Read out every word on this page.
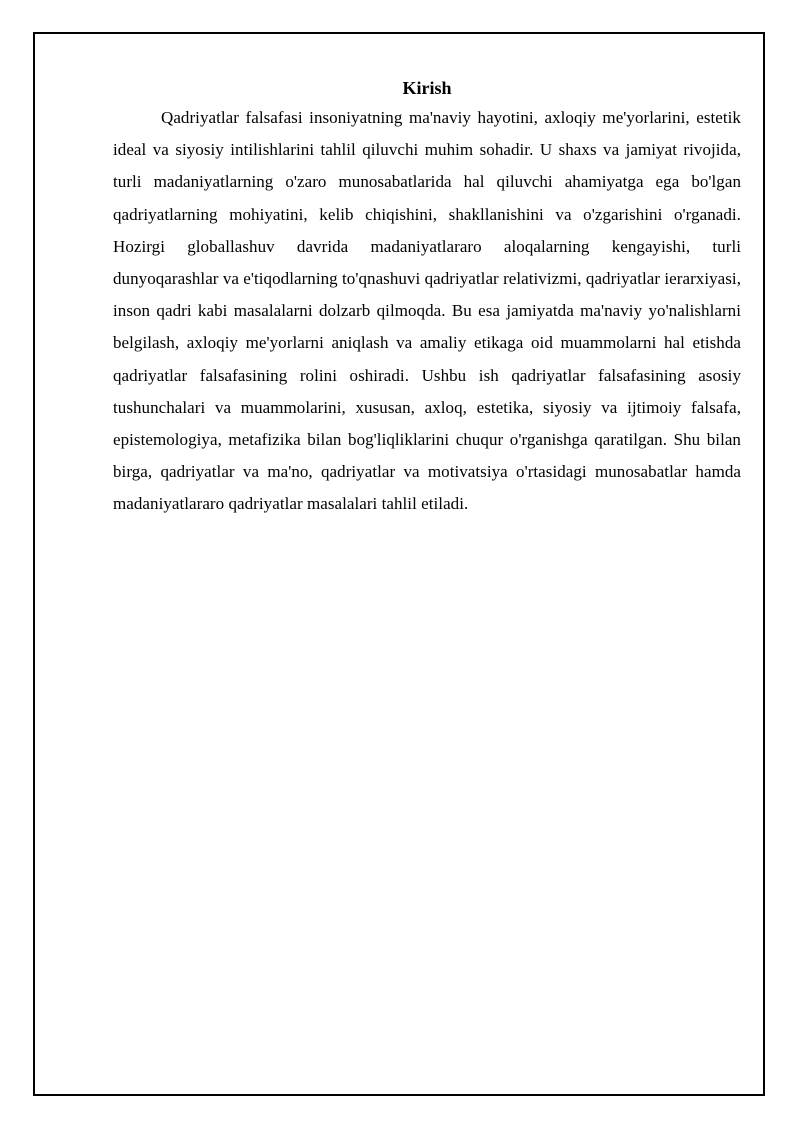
Kirish

Qadriyatlar falsafasi insoniyatning ma'naviy hayotini, axloqiy me'yorlarini, estetik ideal va siyosiy intilishlarini tahlil qiluvchi muhim sohadir. U shaxs va jamiyat rivojida, turli madaniyatlarning o'zaro munosabatlarida hal qiluvchi ahamiyatga ega bo'lgan qadriyatlarning mohiyatini, kelib chiqishini, shakllanishini va o'zgarishini o'rganadi. Hozirgi globallashuv davrida madaniyatlararo aloqalarning kengayishi, turli dunyoqarashlar va e'tiqodlarning to'qnashuvi qadriyatlar relativizmi, qadriyatlar ierarxiyasi, inson qadri kabi masalalarni dolzarb qilmoqda. Bu esa jamiyatda ma'naviy yo'nalishlarni belgilash, axloqiy me'yorlarni aniqlash va amaliy etikaga oid muammolarni hal etishda qadriyatlar falsafasining rolini oshiradi. Ushbu ish qadriyatlar falsafasining asosiy tushunchalari va muammolarini, xususan, axloq, estetika, siyosiy va ijtimoiy falsafa, epistemologiya, metafizika bilan bog'liqliklarini chuqur o'rganishga qaratilgan. Shu bilan birga, qadriyatlar va ma'no, qadriyatlar va motivatsiya o'rtasidagi munosabatlar hamda madaniyatlararo qadriyatlar masalalari tahlil etiladi.
